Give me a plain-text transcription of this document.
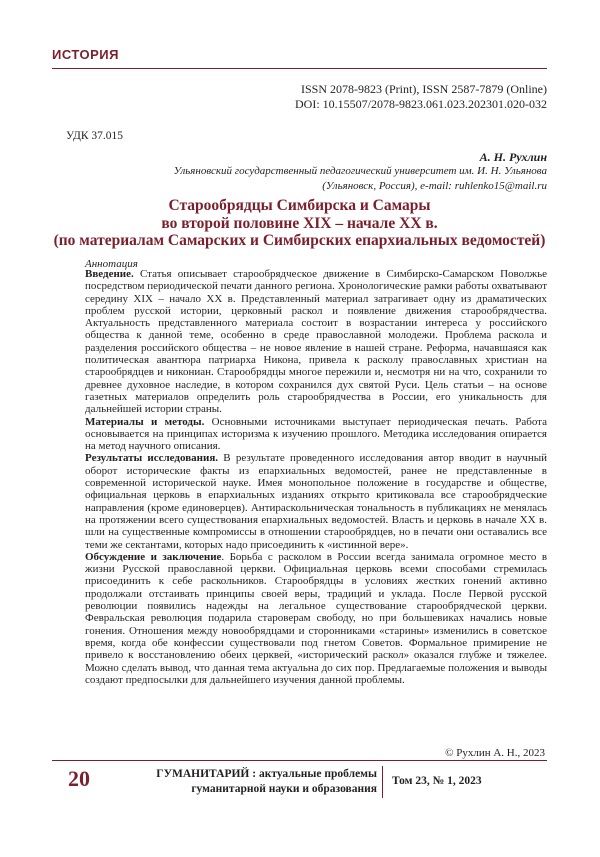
ИСТОРИЯ
ISSN 2078-9823 (Print), ISSN 2587-7879 (Online)
DOI: 10.15507/2078-9823.061.023.202301.020-032
УДК 37.015
А. Н. Рухлин
Ульяновский государственный педагогический университет им. И. Н. Ульянова
(Ульяновск, Россия), e-mail: ruhlenko15@mail.ru
Старообрядцы Симбирска и Самары
во второй половине XIX – начале XX в.
(по материалам Самарских и Симбирских епархиальных ведомостей)
Аннотация

Введение. Статья описывает старообрядческое движение в Симбирско-Самарском Поволжье посредством периодической печати данного региона. Хронологические рамки работы охватывают середину XIX – начало XX в. Представленный материал затрагивает одну из драматических проблем русской истории, церковный раскол и появление движения старообрядчества. Актуальность представленного материала состоит в возрастании интереса у российского общества к данной теме, особенно в среде православной молодежи. Проблема раскола и разделения российского общества – не новое явление в нашей стране. Реформа, начавшаяся как политическая авантюра патриарха Никона, привела к расколу православных христиан на старообрядцев и никониан. Старообрядцы многое пережили и, несмотря ни на что, сохранили то древнее духовное наследие, в котором сохранился дух святой Руси. Цель статьи – на основе газетных материалов определить роль старообрядчества в России, его уникальность для дальнейшей истории страны.

Материалы и методы. Основными источниками выступает периодическая печать. Работа основывается на принципах историзма к изучению прошлого. Методика исследования опирается на метод научного описания.

Результаты исследования. В результате проведенного исследования автор вводит в научный оборот исторические факты из епархиальных ведомостей, ранее не представленные в современной исторической науке. Имея монопольное положение в государстве и обществе, официальная церковь в епархиальных изданиях открыто критиковала все старообрядческие направления (кроме единоверцев). Антираскольническая тональность в публикациях не менялась на протяжении всего существования епархиальных ведомостей. Власть и церковь в начале XX в. шли на существенные компромиссы в отношении старообрядцев, но в печати они оставались все теми же сектантами, которых надо присоединить к «истинной вере».

Обсуждение и заключение. Борьба с расколом в России всегда занимала огромное место в жизни Русской православной церкви. Официальная церковь всеми способами стремилась присоединить к себе раскольников. Старообрядцы в условиях жестких гонений активно продолжали отстаивать принципы своей веры, традиций и уклада. После Первой русской революции появились надежды на легальное существование старообрядческой церкви. Февральская революция подарила староверам свободу, но при большевиках начались новые гонения. Отношения между новообрядцами и сторонниками «старины» изменились в советское время, когда обе конфессии существовали под гнетом Советов. Формальное примирение не привело к восстановлению обеих церквей, «исторический раскол» оказался глубже и тяжелее. Можно сделать вывод, что данная тема актуальна до сих пор. Предлагаемые положения и выводы создают предпосылки для дальнейшего изучения данной проблемы.

© Рухлин А. Н., 2023
20	ГУМАНИТАРИЙ : актуальные проблемы
гуманитарной науки и образования
Том 23, № 1, 2023
